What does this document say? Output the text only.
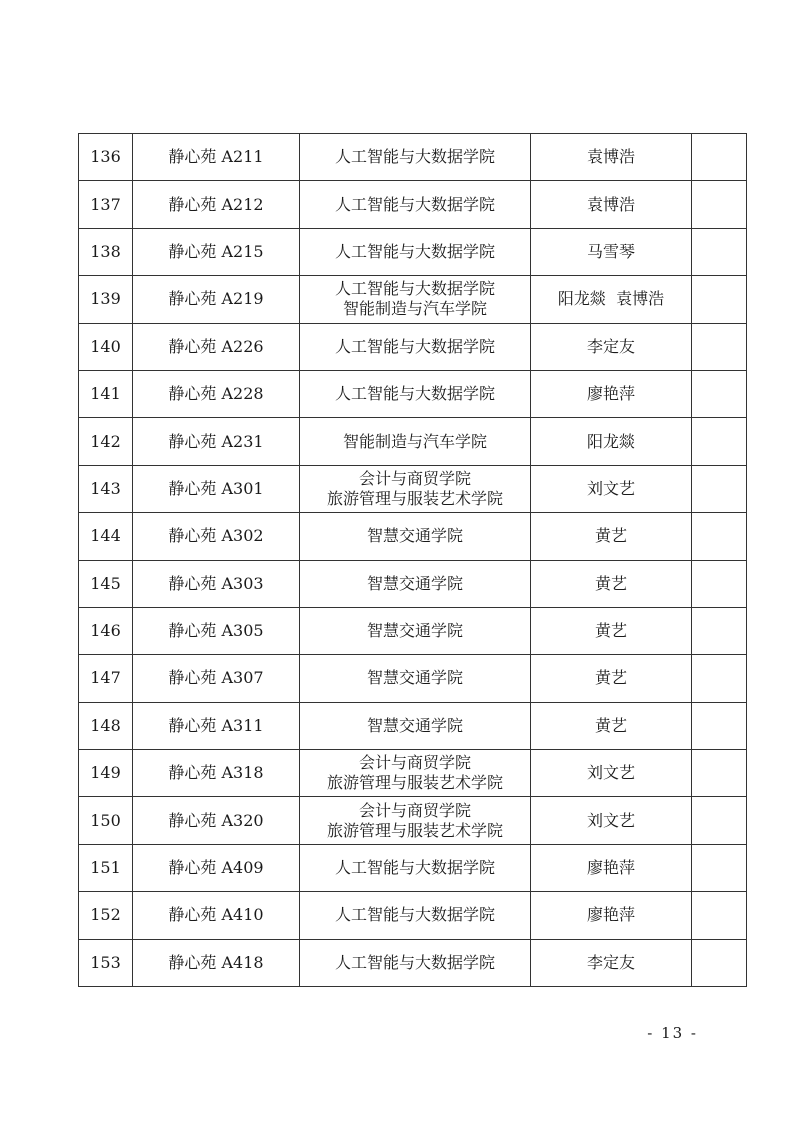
136	静心苑 A211	人工智能与大数据学院	袁博浩	
137	静心苑 A212	人工智能与大数据学院	袁博浩	
138	静心苑 A215	人工智能与大数据学院	马雪琴	
139	静心苑 A219	人工智能与大数据学院
智能制造与汽车学院	阳龙燚  袁博浩	
140	静心苑 A226	人工智能与大数据学院	李定友	
141	静心苑 A228	人工智能与大数据学院	廖艳萍	
142	静心苑 A231	智能制造与汽车学院	阳龙燚	
143	静心苑 A301	会计与商贸学院
旅游管理与服装艺术学院	刘文艺	
144	静心苑 A302	智慧交通学院	黄艺	
145	静心苑 A303	智慧交通学院	黄艺	
146	静心苑 A305	智慧交通学院	黄艺	
147	静心苑 A307	智慧交通学院	黄艺	
148	静心苑 A311	智慧交通学院	黄艺	
149	静心苑 A318	会计与商贸学院
旅游管理与服装艺术学院	刘文艺	
150	静心苑 A320	会计与商贸学院
旅游管理与服装艺术学院	刘文艺	
151	静心苑 A409	人工智能与大数据学院	廖艳萍	
152	静心苑 A410	人工智能与大数据学院	廖艳萍	
153	静心苑 A418	人工智能与大数据学院	李定友	
- 13 -
